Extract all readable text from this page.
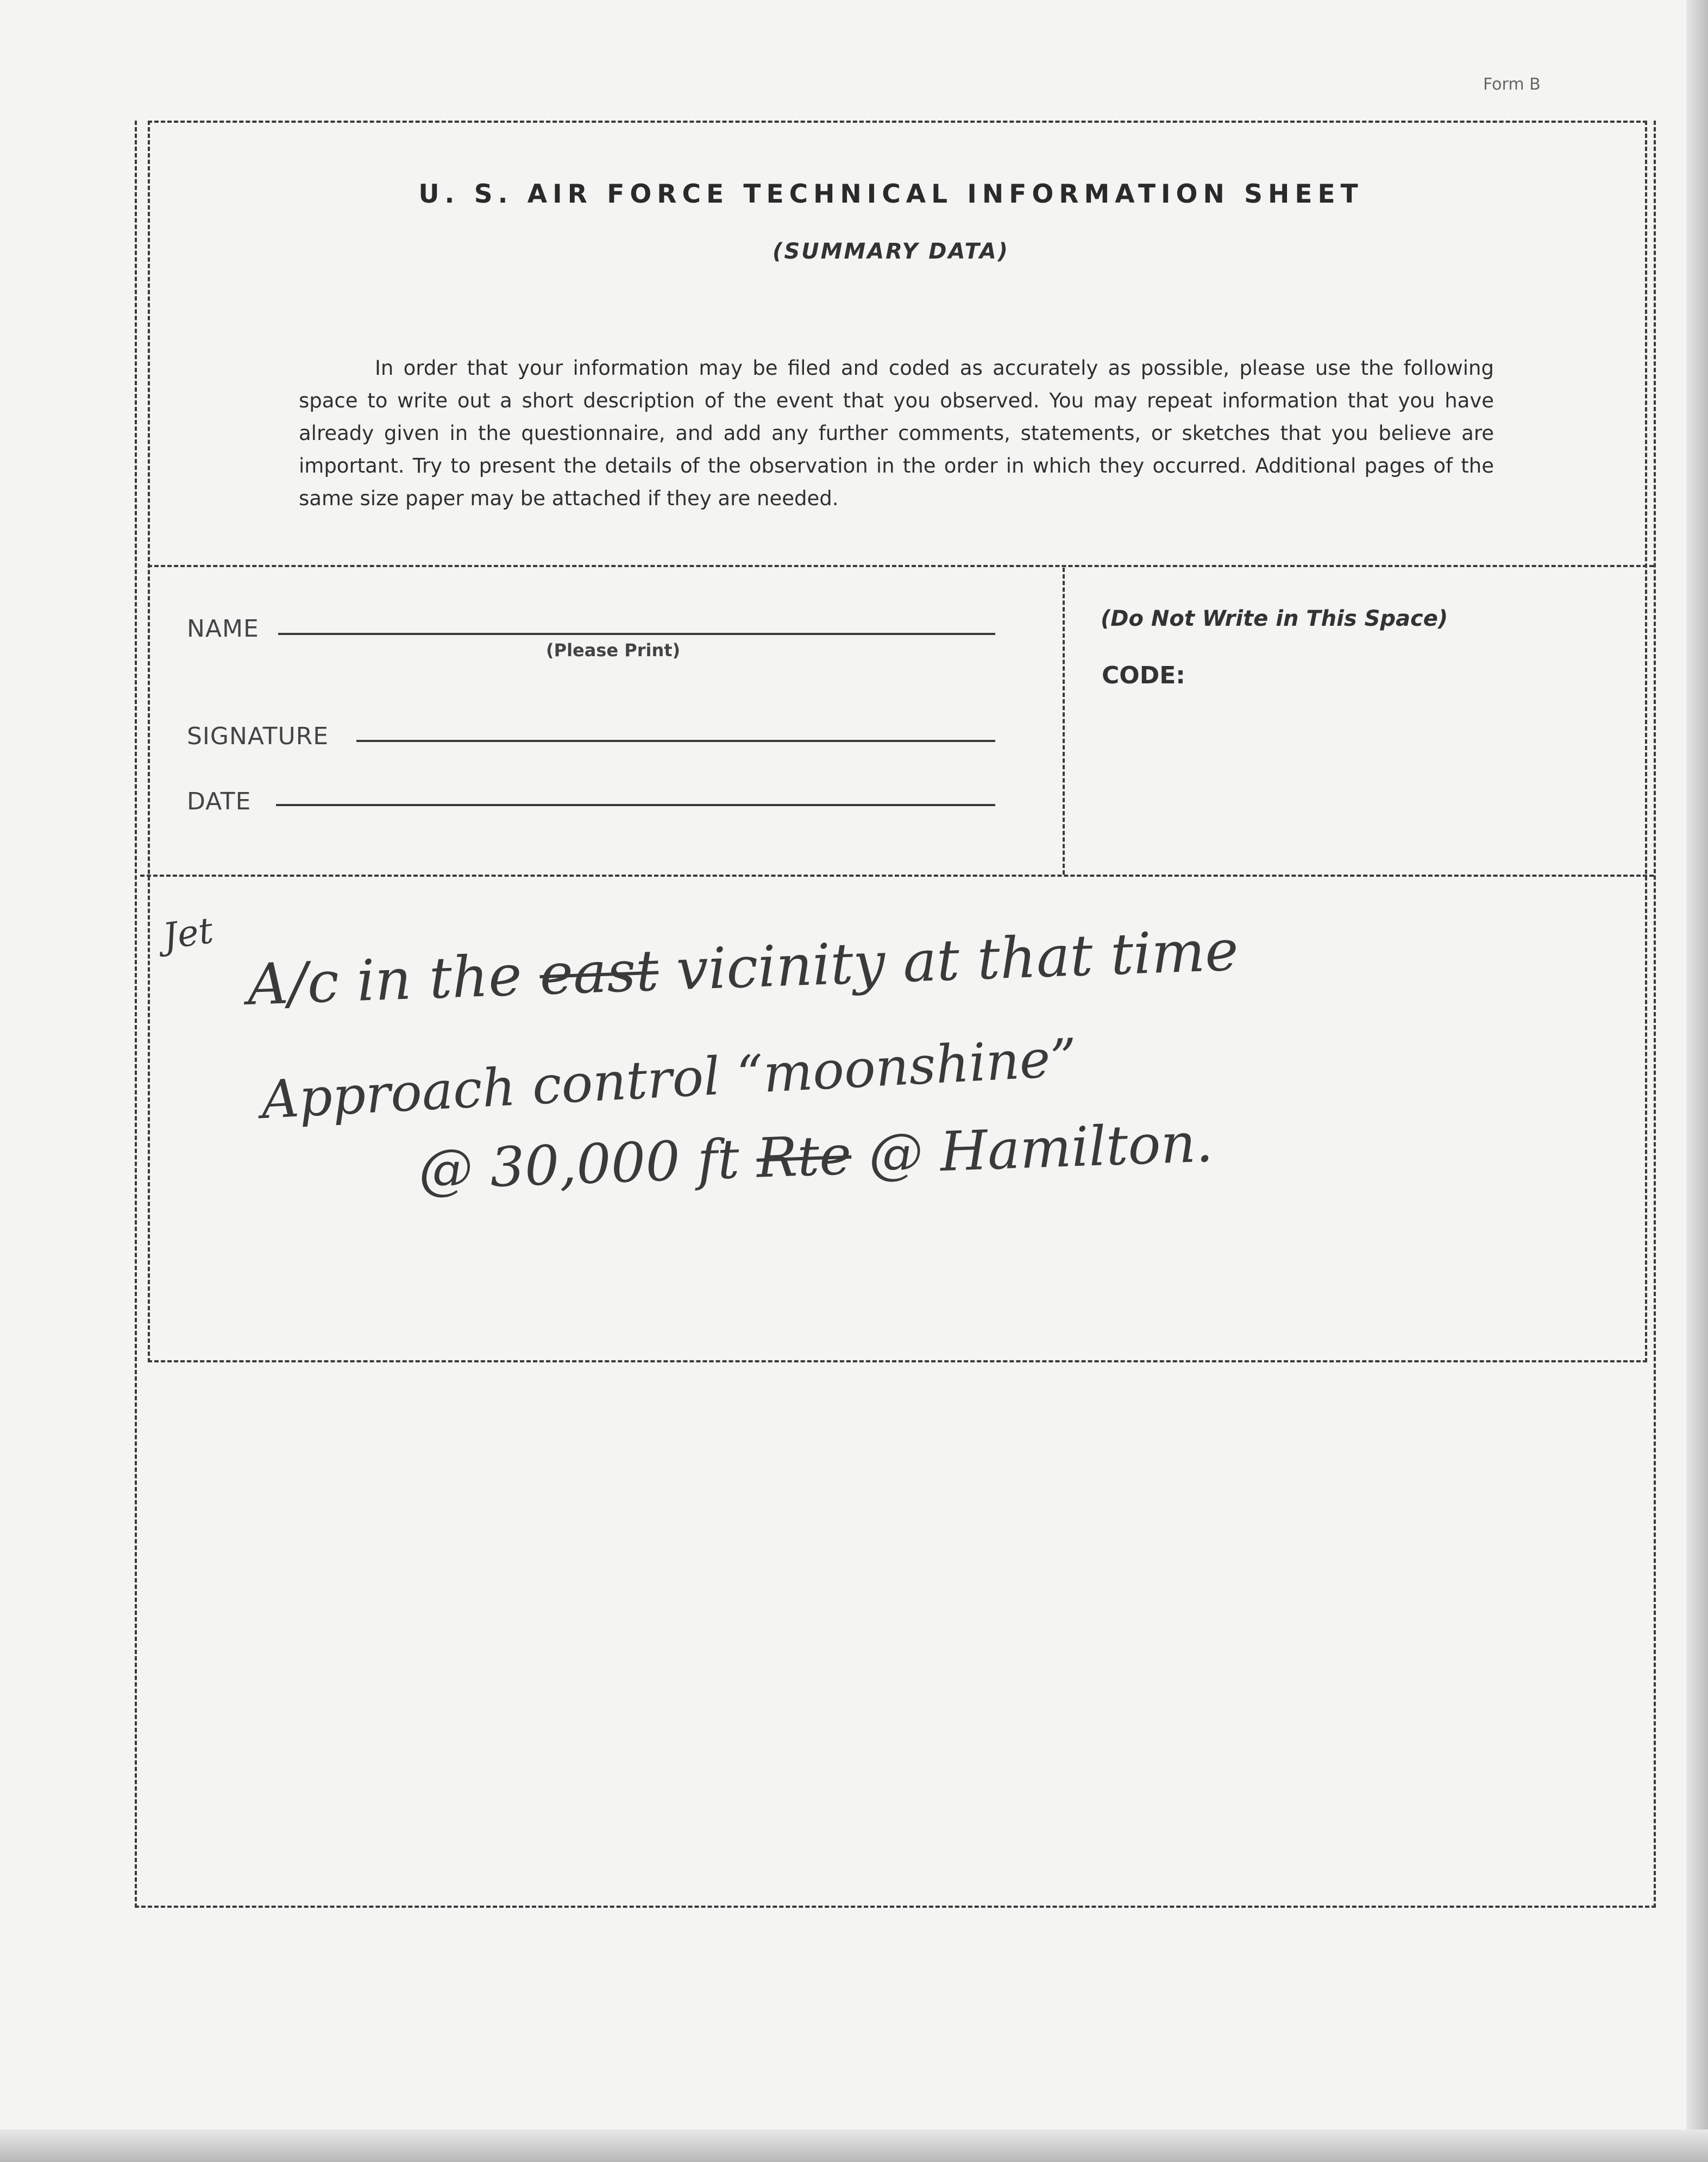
Form B
U. S. AIR FORCE TECHNICAL INFORMATION SHEET
(SUMMARY DATA)
In order that your information may be filed and coded as accurately as possible, please use the following space to write out a short description of the event that you observed. You may repeat information that you have already given in the questionnaire, and add any further comments, statements, or sketches that you believe are important. Try to present the details of the observation in the order in which they occurred. Additional pages of the same size paper may be attached if they are needed.
NAME
(Please Print)
SIGNATURE
DATE
(Do Not Write in This Space)
CODE:
Jet
A/c in the east vicinity at that time
Approach control “moonshine”
@ 30,000 ft Rte @ Hamilton.
